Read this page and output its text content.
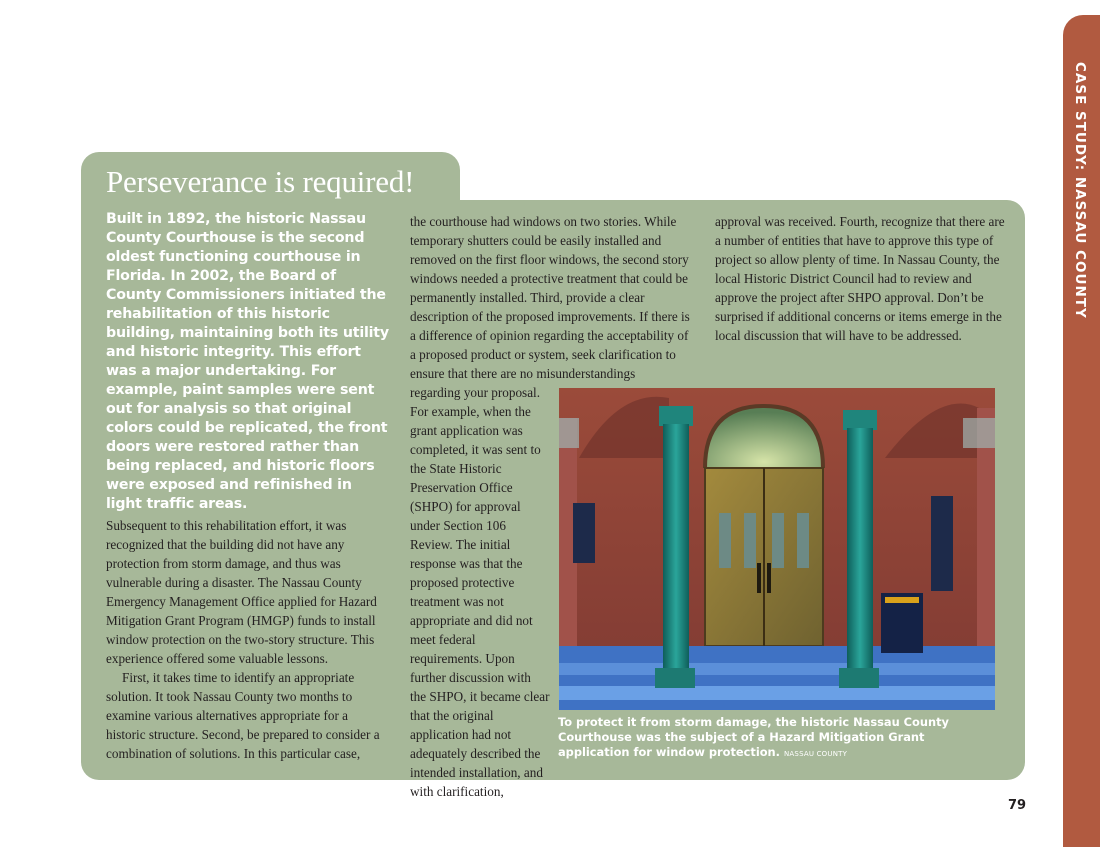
Perseverance is required!
Built in 1892, the historic Nassau County Courthouse is the second oldest functioning courthouse in Florida. In 2002, the Board of County Commissioners initiated the rehabilitation of this historic building, maintaining both its utility and historic integrity. This effort was a major undertaking. For example, paint samples were sent out for analysis so that original colors could be replicated, the front doors were restored rather than being replaced, and historic floors were exposed and refinished in light traffic areas.

Subsequent to this rehabilitation effort, it was recognized that the building did not have any protection from storm damage, and thus was vulnerable during a disaster. The Nassau County Emergency Management Office applied for Hazard Mitigation Grant Program (HMGP) funds to install window protection on the two-story structure. This experience offered some valuable lessons.

First, it takes time to identify an appropriate solution. It took Nassau County two months to examine various alternatives appropriate for a historic structure. Second, be prepared to consider a combination of solutions. In this particular case,

the courthouse had windows on two stories. While temporary shutters could be easily installed and removed on the first floor windows, the second story windows needed a protective treatment that could be permanently installed. Third, provide a clear description of the proposed improvements. If there is a difference of opinion regarding the acceptability of a proposed product or system, seek clarification to ensure that there are no misunderstandings

regarding your proposal. For example, when the grant application was completed, it was sent to the State Historic Preservation Office (SHPO) for approval under Section 106 Review. The initial response was that the proposed protective treatment was not appropriate and did not meet federal requirements. Upon further discussion with the SHPO, it became clear that the original application had not adequately described the intended installation, and with clarification,

approval was received. Fourth, recognize that there are a number of entities that have to approve this type of project so allow plenty of time. In Nassau County, the local Historic District Council had to review and approve the project after SHPO approval. Don’t be surprised if additional concerns or items emerge in the local discussion that will have to be addressed.

To protect it from storm damage, the historic Nassau County Courthouse was the subject of a Hazard Mitigation Grant application for window protection. NASSAU COUNTY
CASE STUDY: NASSAU COUNTY
79
